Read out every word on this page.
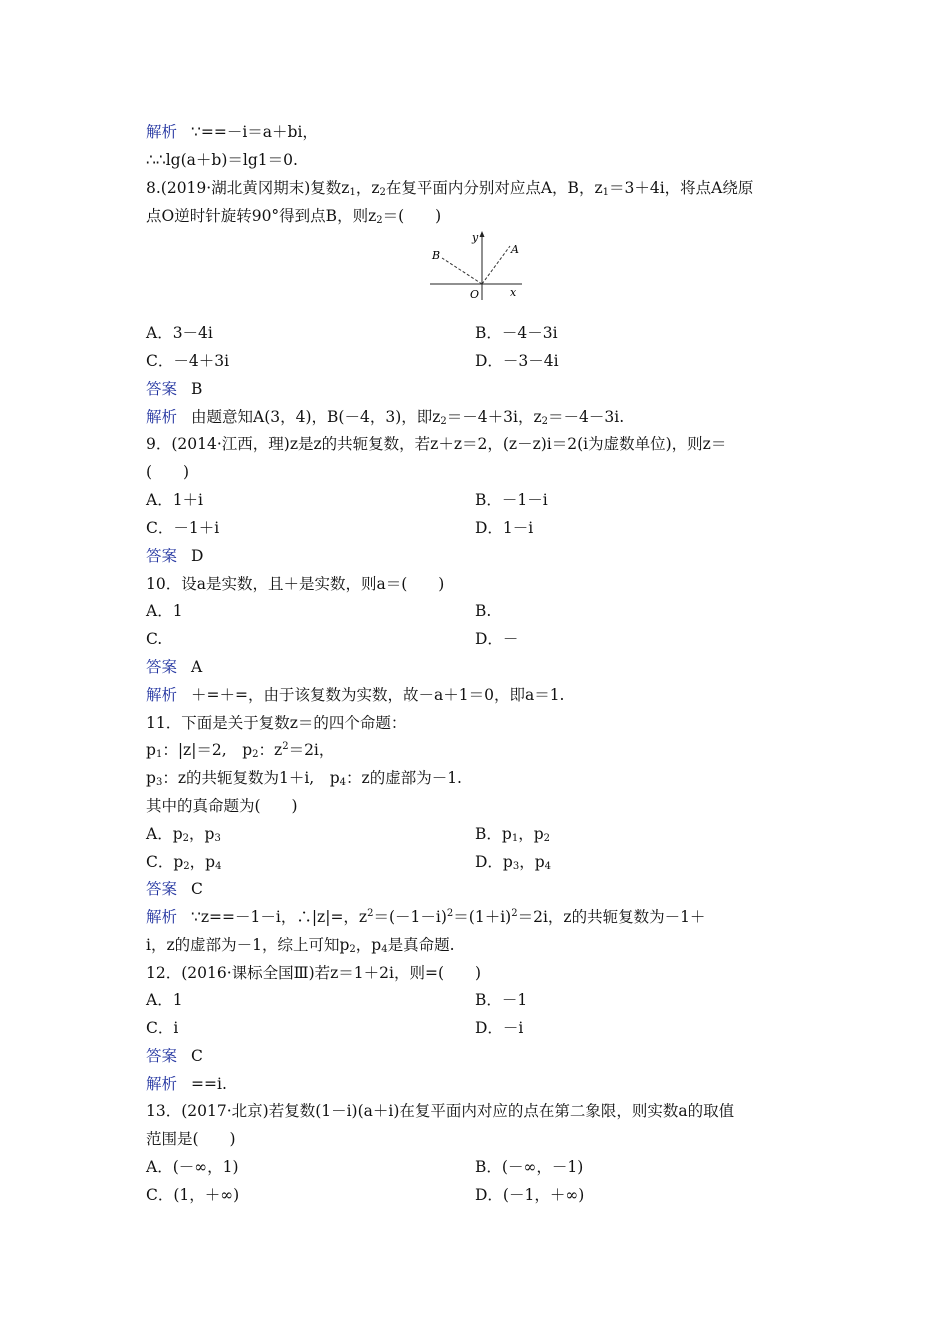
解析 ∵==－i＝a＋bi，
∴∴lg(a＋b)＝lg1＝0.
8.(2019·湖北黄冈期末)复数$z_1$，$z_2$在复平面内分别对应点A，B，$z_1=3+4i$，将点A绕原
点O逆时针旋转90°得到点B，则$z_2=$(　　)
y
x
O
A
B
A．3－4i	B．－4－3i
C．－4＋3i	D．－3－4i
答案 B
解析 由题意知A(3，4)，B(－4，3)，即$z_2=-4+3i$，$z_2=-4-3i$.
9．(2014·江西，理)z是z的共轭复数，若z＋z＝2，(z－z)i＝2(i为虚数单位)，则z＝
(　　)
A．1＋i	B．－1－i
C．－1＋i	D．1－i
答案 D
10．设a是实数，且＋是实数，则a＝(　　)
A．1	B.
C.	D．－
答案 A
解析 ＋=＋=，由于该复数为实数，故－a＋1＝0，即a＝1.
11．下面是关于复数z＝的四个命题：
$p_1$：|z|＝2,　$p_2$：$z^2=2i$，
$p_3$：z的共轭复数为1＋i,　$p_4$：z的虚部为－1.
其中的真命题为(　　)
A．$p_2$，$p_3$	B．$p_1$，$p_2$
C．$p_2$，$p_4$	D．$p_3$，$p_4$
答案 C
解析 ∵z==－1－i，∴|z|=，$z^2=(-1-i)^2=(1+i)^2=2i$，z的共轭复数为－1＋
i，z的虚部为－1，综上可知$p_2$，$p_4$是真命题.
12．(2016·课标全国Ⅲ)若z＝1＋2i，则=(　　)
A．1	B．－1
C．i	D．－i
答案 C
解析 ==i.
13．(2017·北京)若复数(1－i)(a＋i)在复平面内对应的点在第二象限，则实数a的取值
范围是(　　)
A．(－∞，1)	B．(－∞，－1)
C．(1，＋∞)	D．(－1，＋∞)
